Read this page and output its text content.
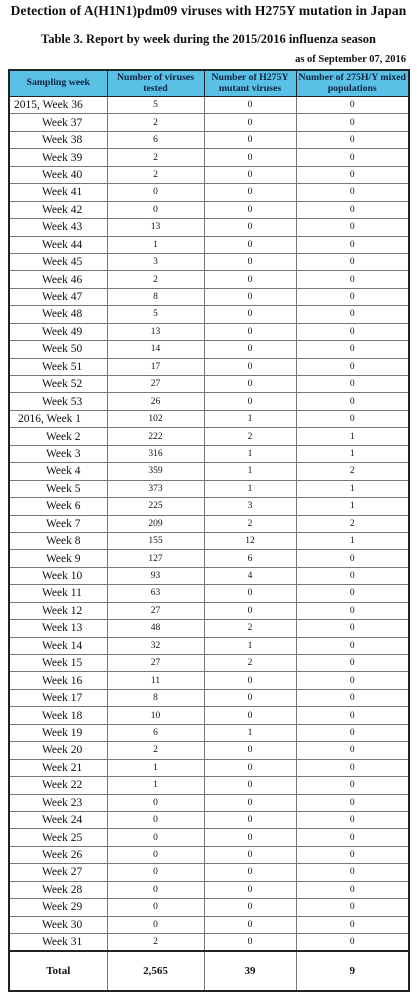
Detection of A(H1N1)pdm09 viruses with H275Y mutation in Japan
Table 3. Report by week during the 2015/2016 influenza season
as of September 07, 2016
Sampling week	Number of viruses tested	Number of H275Y mutant viruses	Number of 275H/Y mixed populations
2015, Week 36	5	0	0
Week 37	2	0	0
Week 38	6	0	0
Week 39	2	0	0
Week 40	2	0	0
Week 41	0	0	0
Week 42	0	0	0
Week 43	13	0	0
Week 44	1	0	0
Week 45	3	0	0
Week 46	2	0	0
Week 47	8	0	0
Week 48	5	0	0
Week 49	13	0	0
Week 50	14	0	0
Week 51	17	0	0
Week 52	27	0	0
Week 53	26	0	0
2016, Week 1	102	1	0
Week 2	222	2	1
Week 3	316	1	1
Week 4	359	1	2
Week 5	373	1	1
Week 6	225	3	1
Week 7	209	2	2
Week 8	155	12	1
Week 9	127	6	0
Week 10	93	4	0
Week 11	63	0	0
Week 12	27	0	0
Week 13	48	2	0
Week 14	32	1	0
Week 15	27	2	0
Week 16	11	0	0
Week 17	8	0	0
Week 18	10	0	0
Week 19	6	1	0
Week 20	2	0	0
Week 21	1	0	0
Week 22	1	0	0
Week 23	0	0	0
Week 24	0	0	0
Week 25	0	0	0
Week 26	0	0	0
Week 27	0	0	0
Week 28	0	0	0
Week 29	0	0	0
Week 30	0	0	0
Week 31	2	0	0
Total	2,565	39	9
